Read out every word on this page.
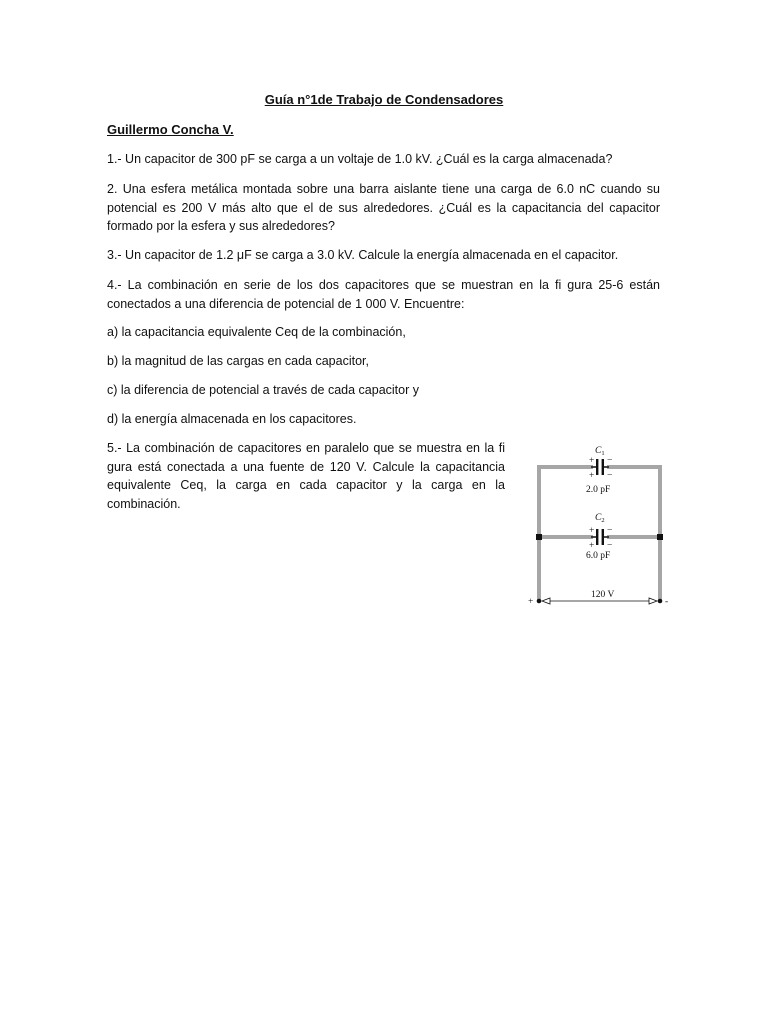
Guía n°1de Trabajo de Condensadores
Guillermo Concha V.
1.- Un capacitor de 300 pF se carga a un voltaje de 1.0 kV. ¿Cuál es la carga almacenada?
2. Una esfera metálica montada sobre una barra aislante tiene una carga de 6.0 nC cuando su potencial es 200 V más alto que el de sus alrededores. ¿Cuál es la capacitancia del capacitor formado por la esfera y sus alrededores?
3.- Un capacitor de 1.2 μF se carga a 3.0 kV. Calcule la energía almacenada en el capacitor.
4.- La combinación en serie de los dos capacitores que se muestran en la fi gura 25-6 están conectados a una diferencia de potencial de 1 000 V. Encuentre:
a) la capacitancia equivalente Ceq de la combinación,
b) la magnitud de las cargas en cada capacitor,
c) la diferencia de potencial a través de cada capacitor y
d) la energía almacenada en los capacitores.
5.- La combinación de capacitores en paralelo que se muestra en la fi gura está conectada a una fuente de 120 V. Calcule la capacitancia equivalente Ceq, la carga en cada capacitor y la carga en la combinación.
+ −
+ −
$C_1$
2.0 pF
+ −
+ −
$C_2$
6.0 pF
120 V
+	-
